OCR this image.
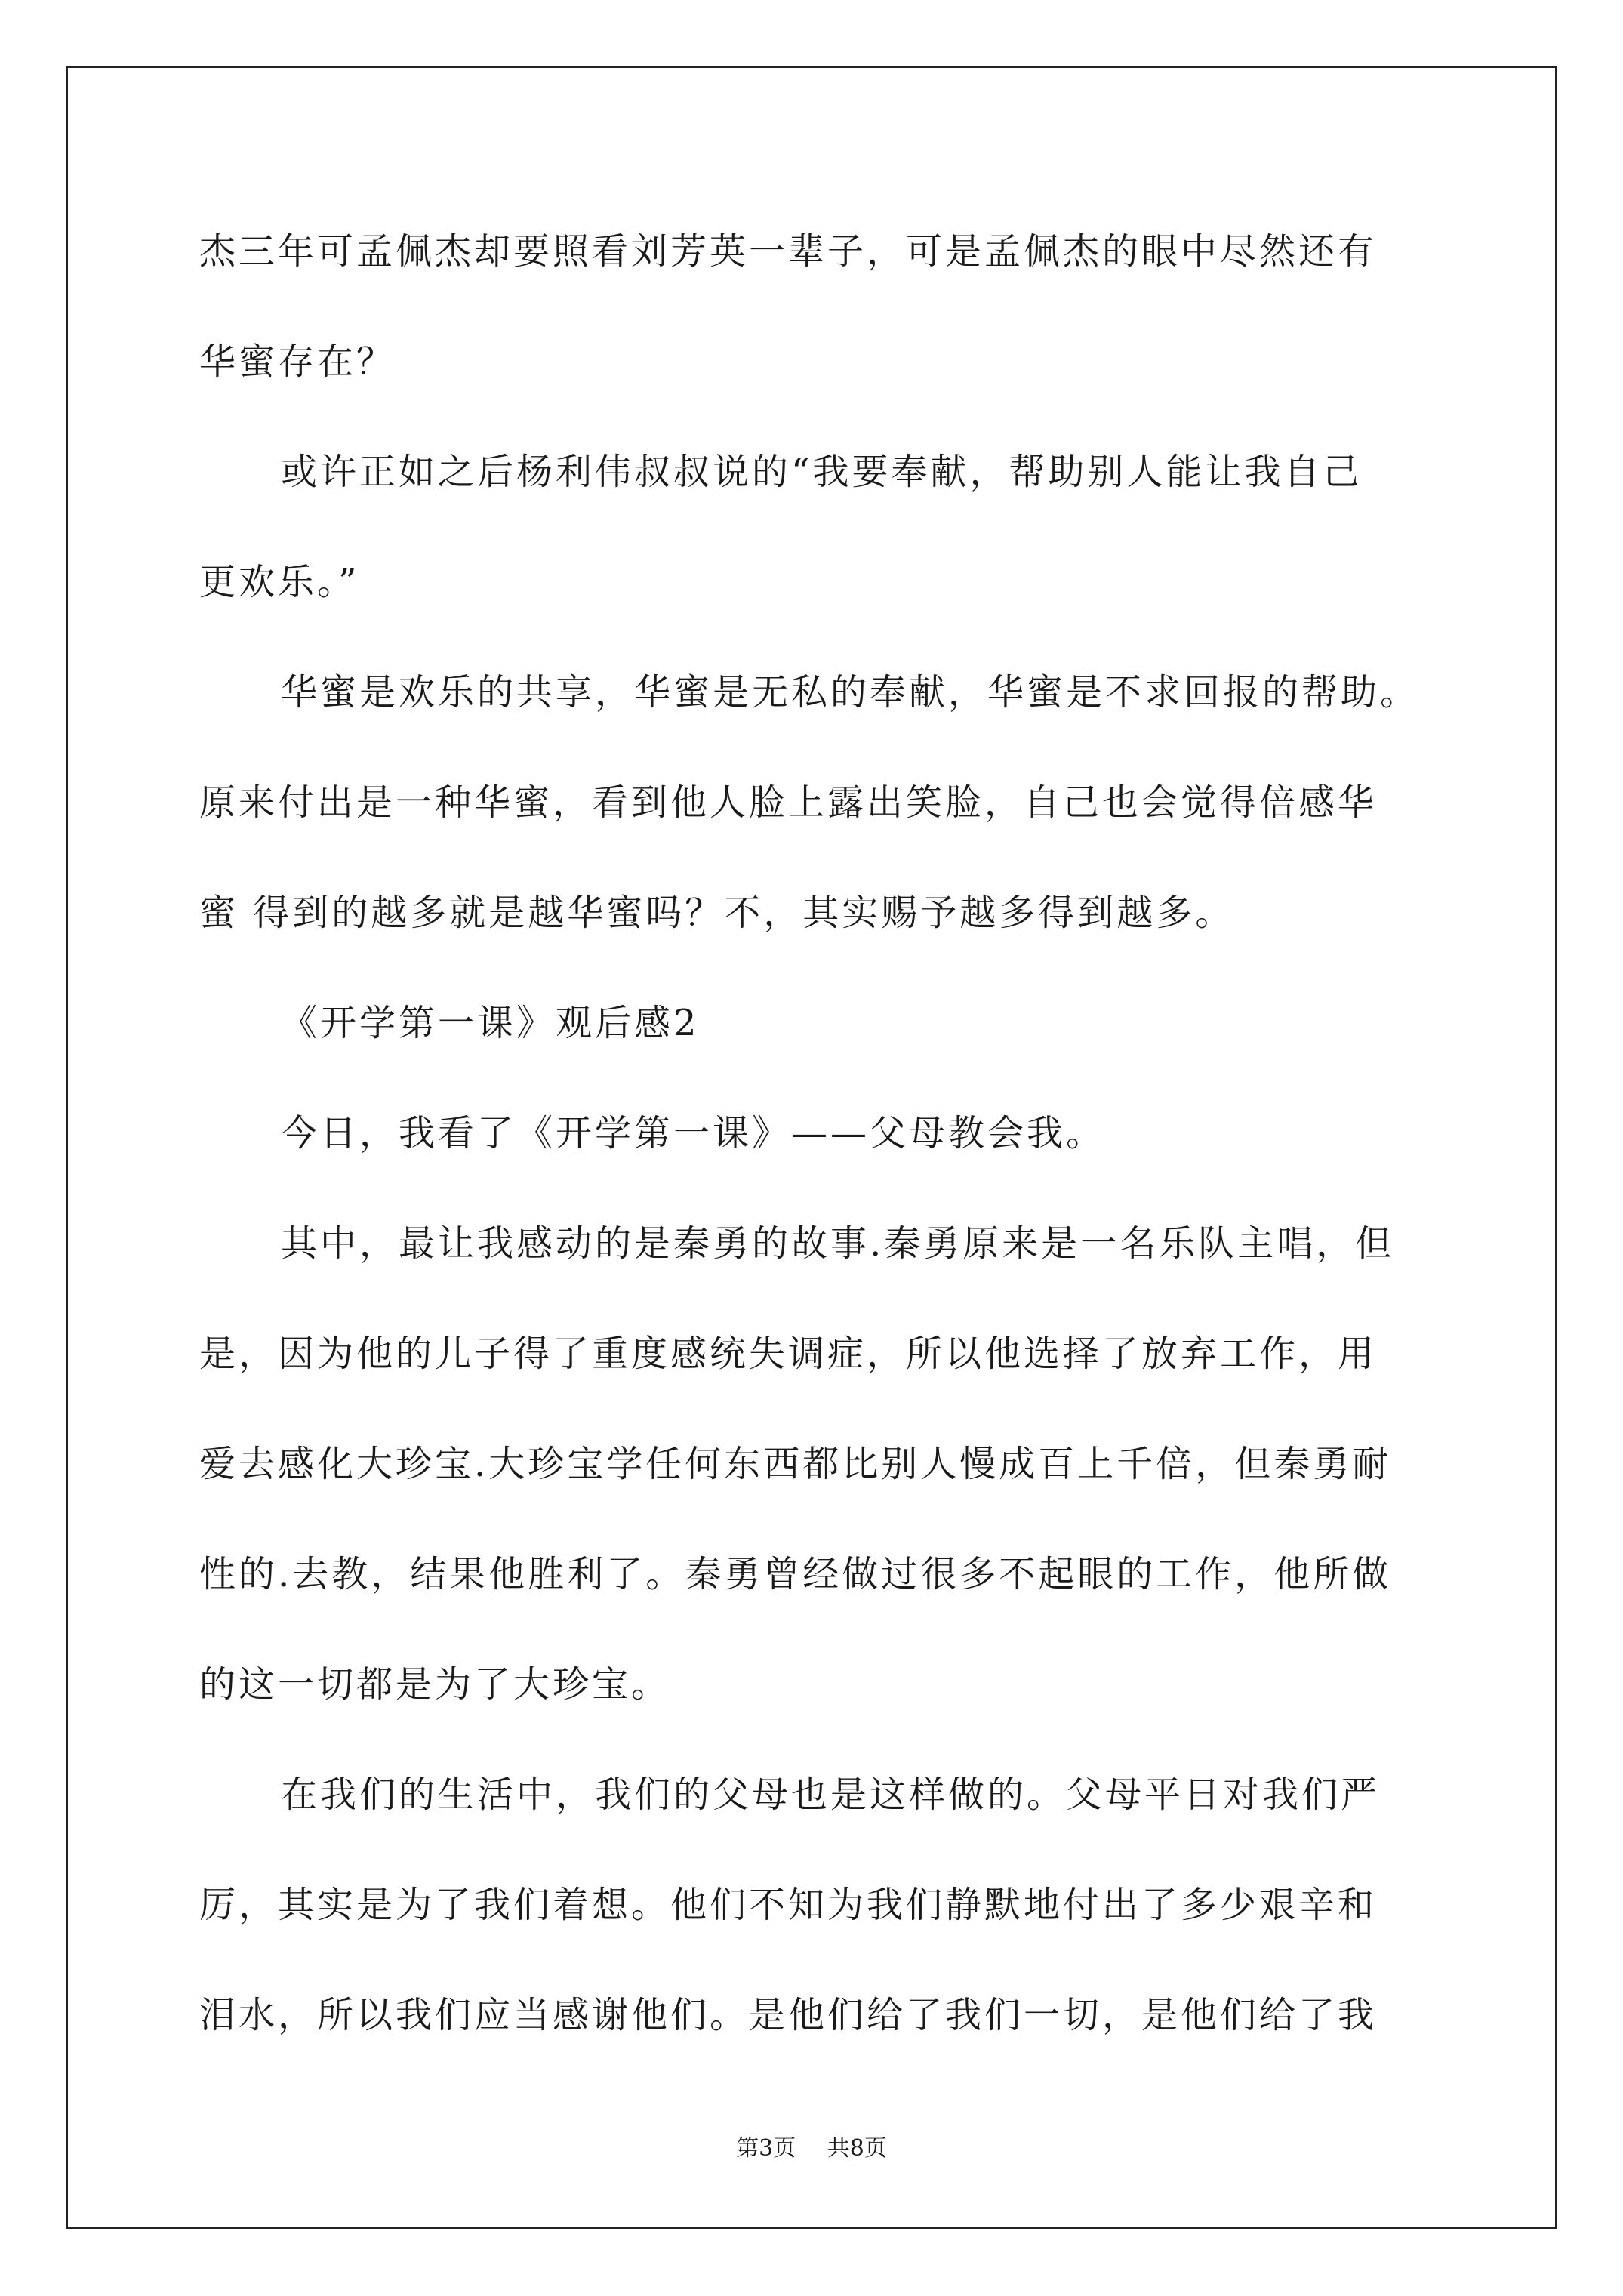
杰三年可孟佩杰却要照看刘芳英一辈子，可是孟佩杰的眼中尽然还有
华蜜存在？
或许正如之后杨利伟叔叔说的“我要奉献，帮助别人能让我自己
更欢乐。”
华蜜是欢乐的共享，华蜜是无私的奉献，华蜜是不求回报的帮助。
原来付出是一种华蜜，看到他人脸上露出笑脸，自己也会觉得倍感华
蜜 得到的越多就是越华蜜吗？不，其实赐予越多得到越多。
《开学第一课》观后感2
今日，我看了《开学第一课》——父母教会我。
其中，最让我感动的是秦勇的故事.秦勇原来是一名乐队主唱，但
是，因为他的儿子得了重度感统失调症，所以他选择了放弃工作，用
爱去感化大珍宝.大珍宝学任何东西都比别人慢成百上千倍，但秦勇耐
性的.去教，结果他胜利了。秦勇曾经做过很多不起眼的工作，他所做
的这一切都是为了大珍宝。
在我们的生活中，我们的父母也是这样做的。父母平日对我们严
厉，其实是为了我们着想。他们不知为我们静默地付出了多少艰辛和
泪水，所以我们应当感谢他们。是他们给了我们一切，是他们给了我
第3页 共8页
